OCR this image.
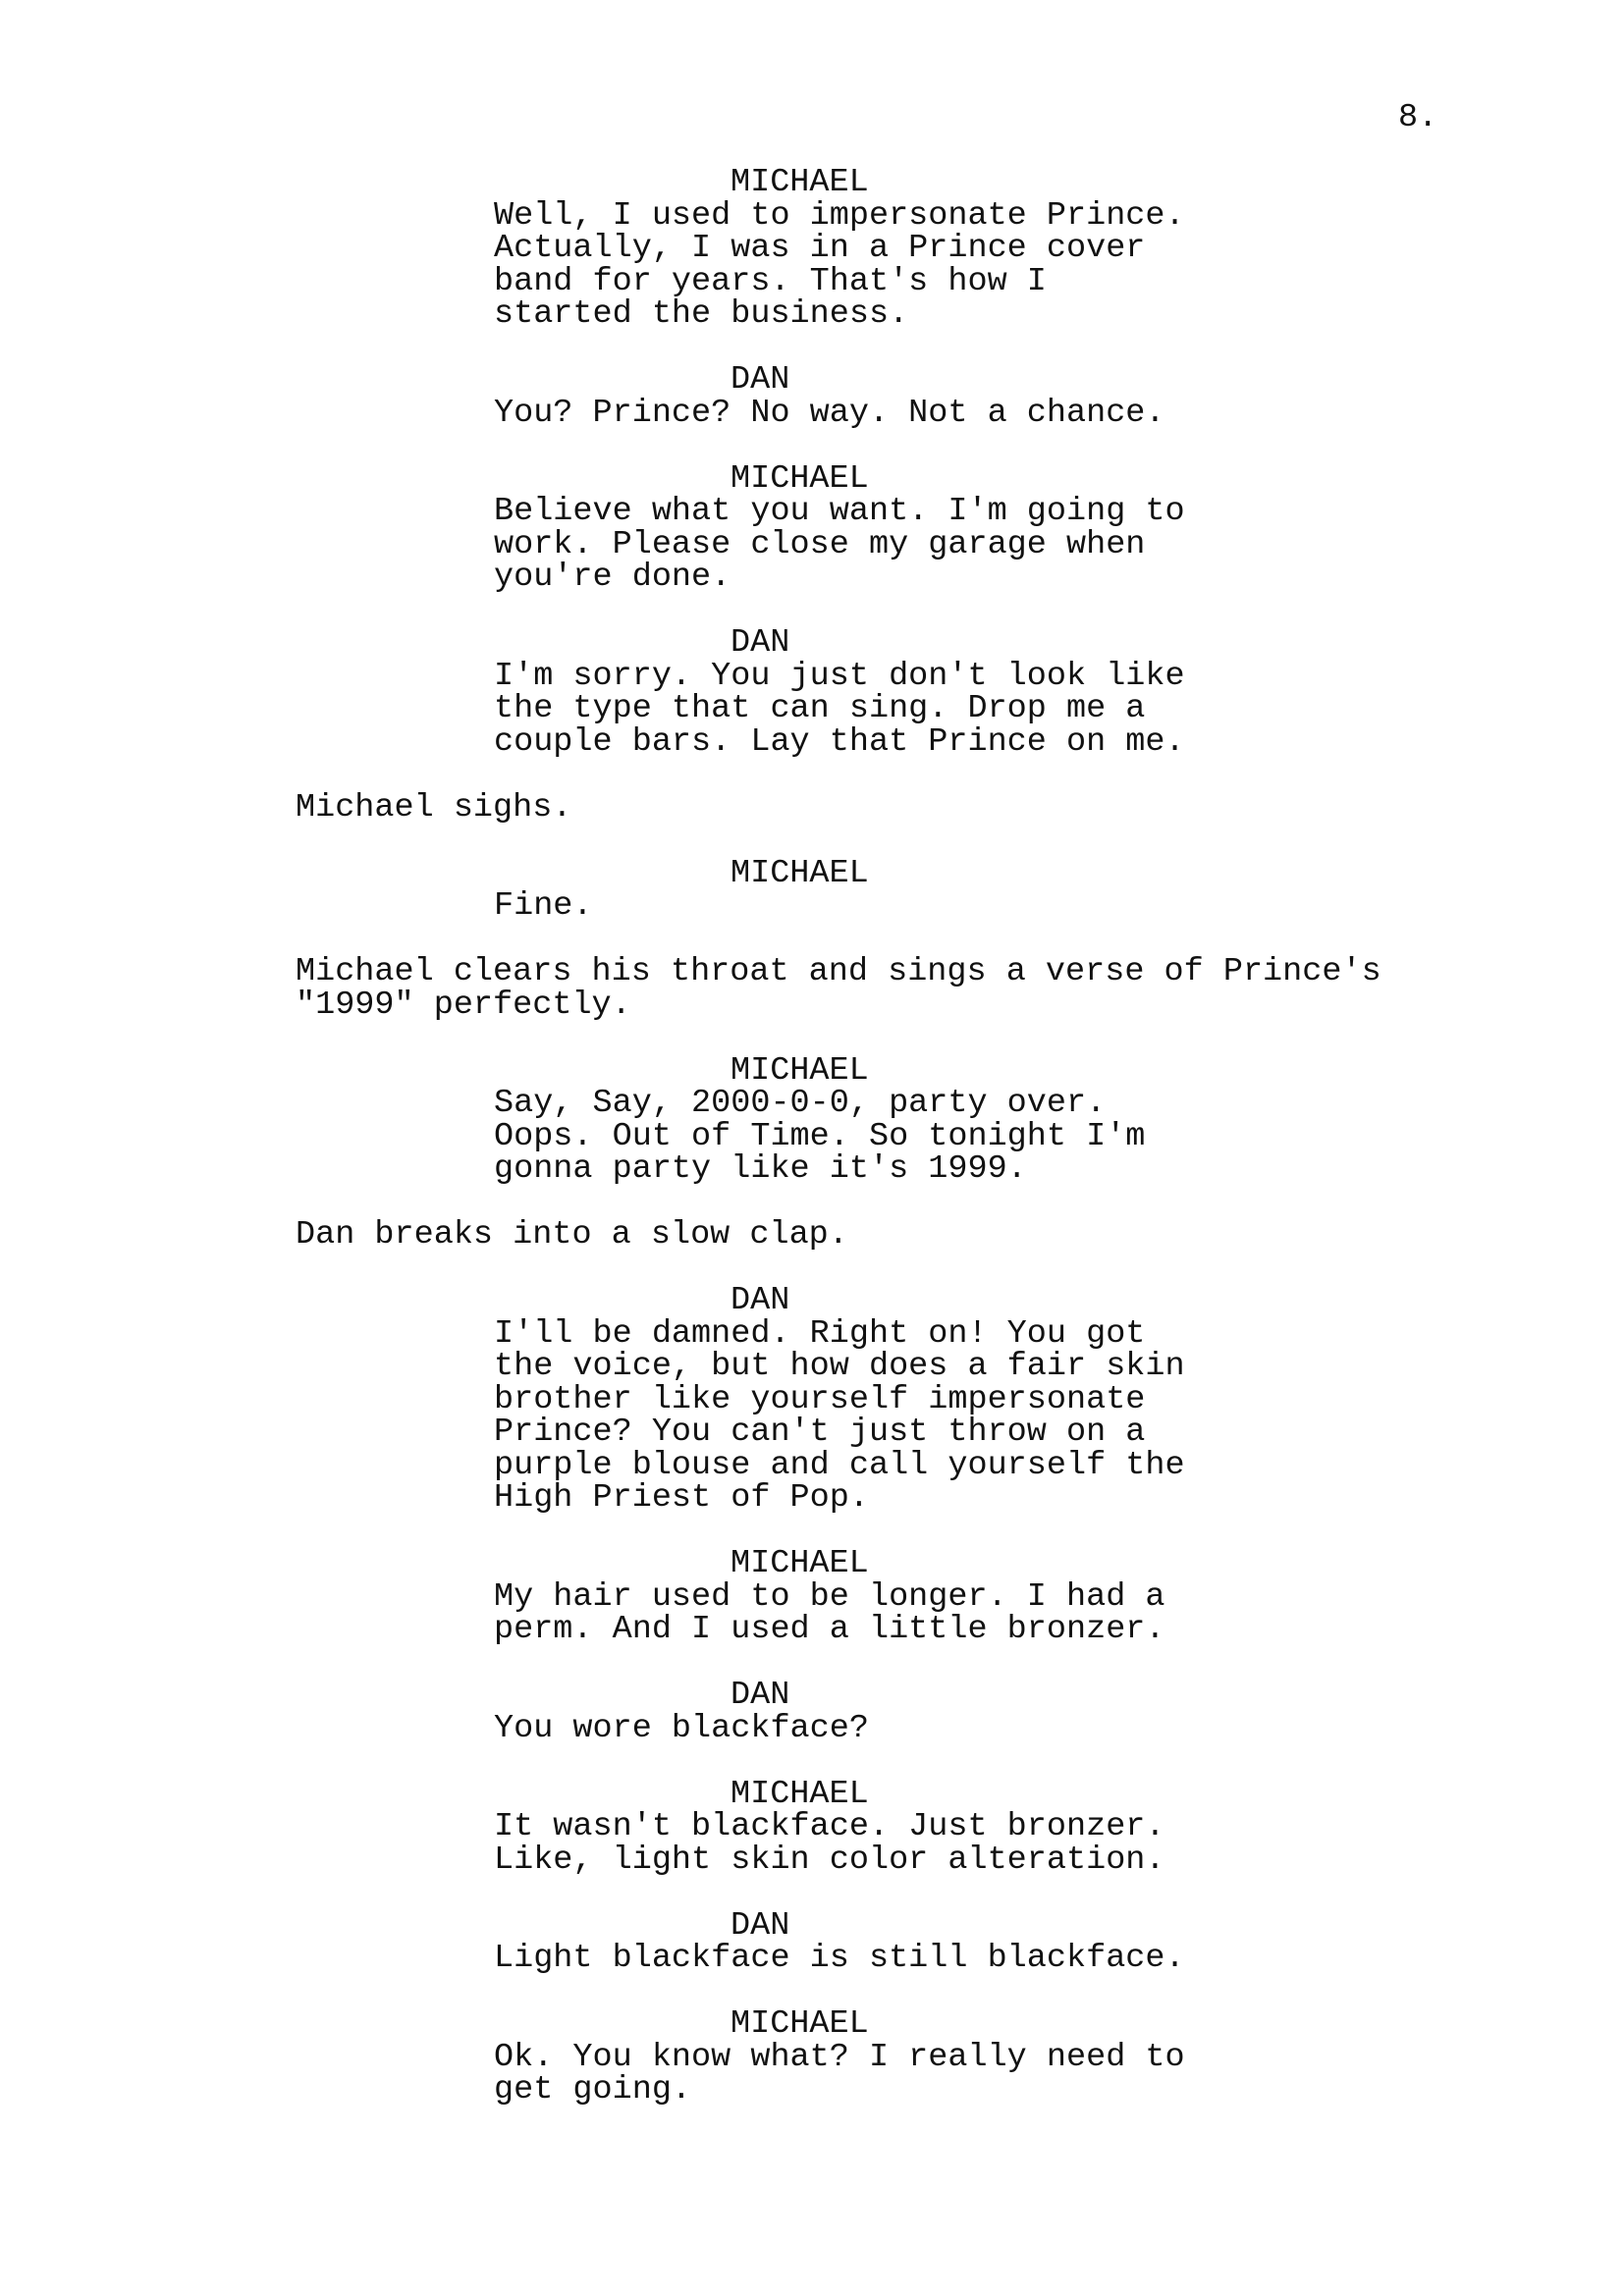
8.
MICHAEL
Well, I used to impersonate Prince.
Actually, I was in a Prince cover
band for years. That's how I
started the business.
DAN
You? Prince? No way. Not a chance.
MICHAEL
Believe what you want. I'm going to
work. Please close my garage when
you're done.
DAN
I'm sorry. You just don't look like
the type that can sing. Drop me a
couple bars. Lay that Prince on me.
Michael sighs.
MICHAEL
Fine.
Michael clears his throat and sings a verse of Prince's
"1999" perfectly.
MICHAEL
Say, Say, 2000-0-0, party over.
Oops. Out of Time. So tonight I'm
gonna party like it's 1999.
Dan breaks into a slow clap.
DAN
I'll be damned. Right on! You got
the voice, but how does a fair skin
brother like yourself impersonate
Prince? You can't just throw on a
purple blouse and call yourself the
High Priest of Pop.
MICHAEL
My hair used to be longer. I had a
perm. And I used a little bronzer.
DAN
You wore blackface?
MICHAEL
It wasn't blackface. Just bronzer.
Like, light skin color alteration.
DAN
Light blackface is still blackface.
MICHAEL
Ok. You know what? I really need to
get going.
